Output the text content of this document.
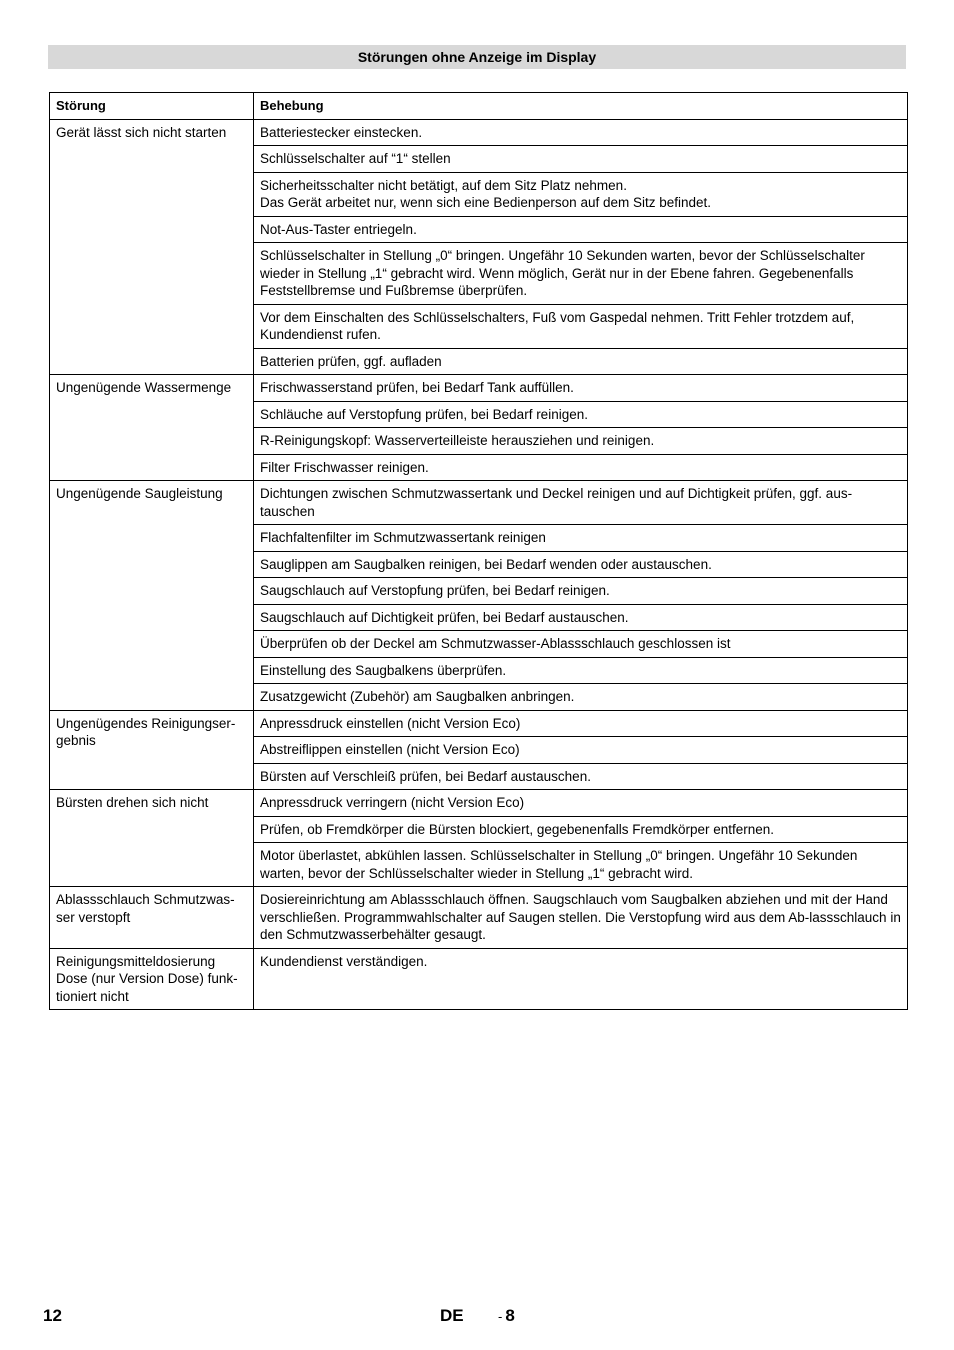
Störungen ohne Anzeige im Display
Störung	Behebung
Gerät lässt sich nicht starten	Batteriestecker einstecken.

	Schlüsselschalter auf “1“ stellen

	Sicherheitsschalter nicht betätigt, auf dem Sitz Platz nehmen.
Das Gerät arbeitet nur, wenn sich eine Bedienperson auf dem Sitz befindet.

	Not-Aus-Taster entriegeln.

	Schlüsselschalter in Stellung „0“ bringen. Ungefähr 10 Sekunden warten, bevor der Schlüsselschalter wieder in Stellung „1“ gebracht wird. Wenn möglich, Gerät nur in der Ebene fahren. Gegebenenfalls Feststellbremse und Fußbremse überprüfen.

	Vor dem Einschalten des Schlüsselschalters, Fuß vom Gaspedal nehmen. Tritt Fehler trotzdem auf, Kundendienst rufen.

	Batterien prüfen, ggf. aufladen

Ungenügende Wassermenge	Frischwasserstand prüfen, bei Bedarf Tank auffüllen.

	Schläuche auf Verstopfung prüfen, bei Bedarf reinigen.

	R-Reinigungskopf: Wasserverteilleiste herausziehen und reinigen.

	Filter Frischwasser reinigen.

Ungenügende Saugleistung	Dichtungen zwischen Schmutzwassertank und Deckel reinigen und auf Dichtigkeit prüfen, ggf. aus-
tauschen

	Flachfaltenfilter im Schmutzwassertank reinigen

	Sauglippen am Saugbalken reinigen, bei Bedarf wenden oder austauschen.

	Saugschlauch auf Verstopfung prüfen, bei Bedarf reinigen.

	Saugschlauch auf Dichtigkeit prüfen, bei Bedarf austauschen.

	Überprüfen ob der Deckel am Schmutzwasser-Ablassschlauch geschlossen ist

	Einstellung des Saugbalkens überprüfen.

	Zusatzgewicht (Zubehör) am Saugbalken anbringen.

Ungenügendes Reinigungser-gebnis	Anpressdruck einstellen (nicht Version Eco)

	Abstreiflippen einstellen (nicht Version Eco)

	Bürsten auf Verschleiß prüfen, bei Bedarf austauschen.

Bürsten drehen sich nicht	Anpressdruck verringern (nicht Version Eco)

	Prüfen, ob Fremdkörper die Bürsten blockiert, gegebenenfalls Fremdkörper entfernen.

	Motor überlastet, abkühlen lassen. Schlüsselschalter in Stellung „0“ bringen. Ungefähr 10 Sekunden warten, bevor der Schlüsselschalter wieder in Stellung „1“ gebracht wird.

Ablassschlauch Schmutzwas-ser verstopft	Dosiereinrichtung am Ablassschlauch öffnen. Saugschlauch vom Saugbalken abziehen und mit der Hand verschließen. Programmwahlschalter auf Saugen stellen. Die Verstopfung wird aus dem Ab-lassschlauch in den Schmutzwasserbehälter gesaugt.

Reinigungsmitteldosierung Dose (nur Version Dose) funk-tioniert nicht	Kundendienst verständigen.
12	DE	- 8
